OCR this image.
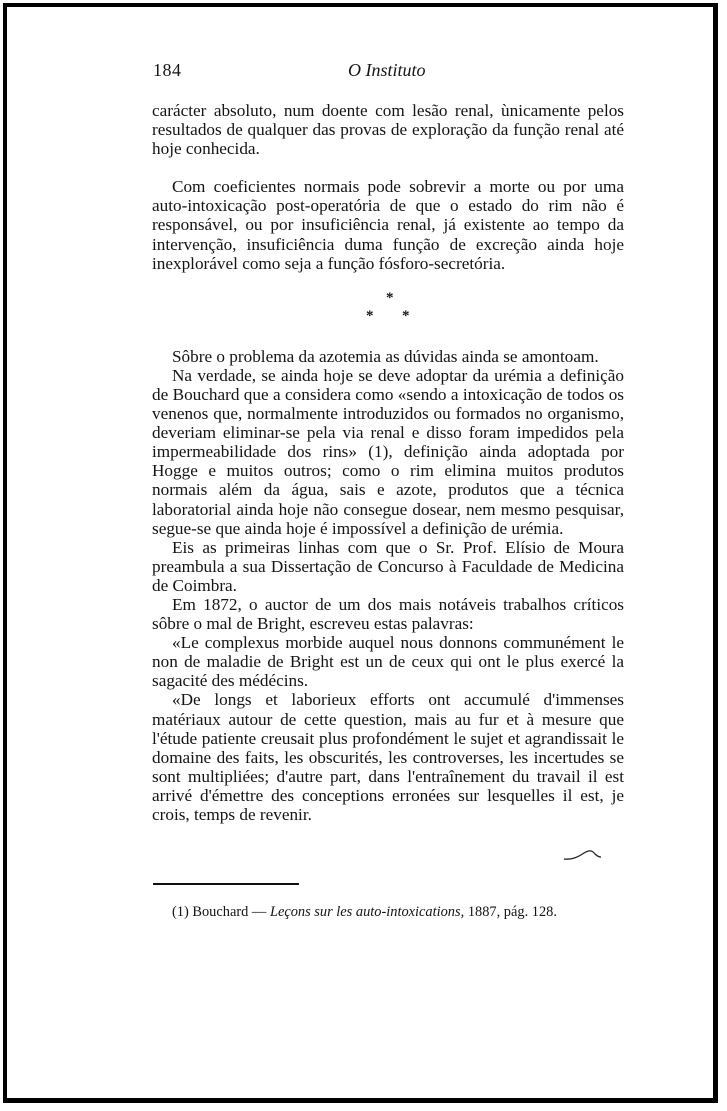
184	O Instituto

carácter absoluto, num doente com lesão renal, ùnicamente pelos resultados de qualquer das provas de exploração da função renal até hoje conhecida.

Com coeficientes normais pode sobrevir a morte ou por uma auto-intoxicação post-operatória de que o estado do rim não é responsável, ou por insuficiência renal, já existente ao tempo da intervenção, insuficiência duma função de excreção ainda hoje inexplorável como seja a função fósforo-secretória.

*
* *

Sôbre o problema da azotemia as dúvidas ainda se amontoam.

Na verdade, se ainda hoje se deve adoptar da urémia a definição de Bouchard que a considera como «sendo a intoxicação de todos os venenos que, normalmente introduzidos ou formados no organismo, deveriam eliminar-se pela via renal e disso foram impedidos pela impermeabilidade dos rins» (1), definição ainda adoptada por Hogge e muitos outros; como o rim elimina muitos produtos normais além da água, sais e azote, produtos que a técnica laboratorial ainda hoje não consegue dosear, nem mesmo pesquisar, segue-se que ainda hoje é impossível a definição de urémia.

Eis as primeiras linhas com que o Sr. Prof. Elísio de Moura preambula a sua Dissertação de Concurso à Faculdade de Medicina de Coimbra.

Em 1872, o auctor de um dos mais notáveis trabalhos críticos sôbre o mal de Bright, escreveu estas palavras:

«Le complexus morbide auquel nous donnons communément le non de maladie de Bright est un de ceux qui ont le plus exercé la sagacité des médécins.

«De longs et laborieux efforts ont accumulé d'immenses matériaux autour de cette question, mais au fur et à mesure que l'étude patiente creusait plus profondément le sujet et agrandissait le domaine des faits, les obscurités, les controverses, les incertudes se sont multipliées; d'autre part, dans l'entraînement du travail il est arrivé d'émettre des conceptions erronées sur lesquelles il est, je crois, temps de revenir.

(1) Bouchard — Leçons sur les auto-intoxications, 1887, pág. 128.
